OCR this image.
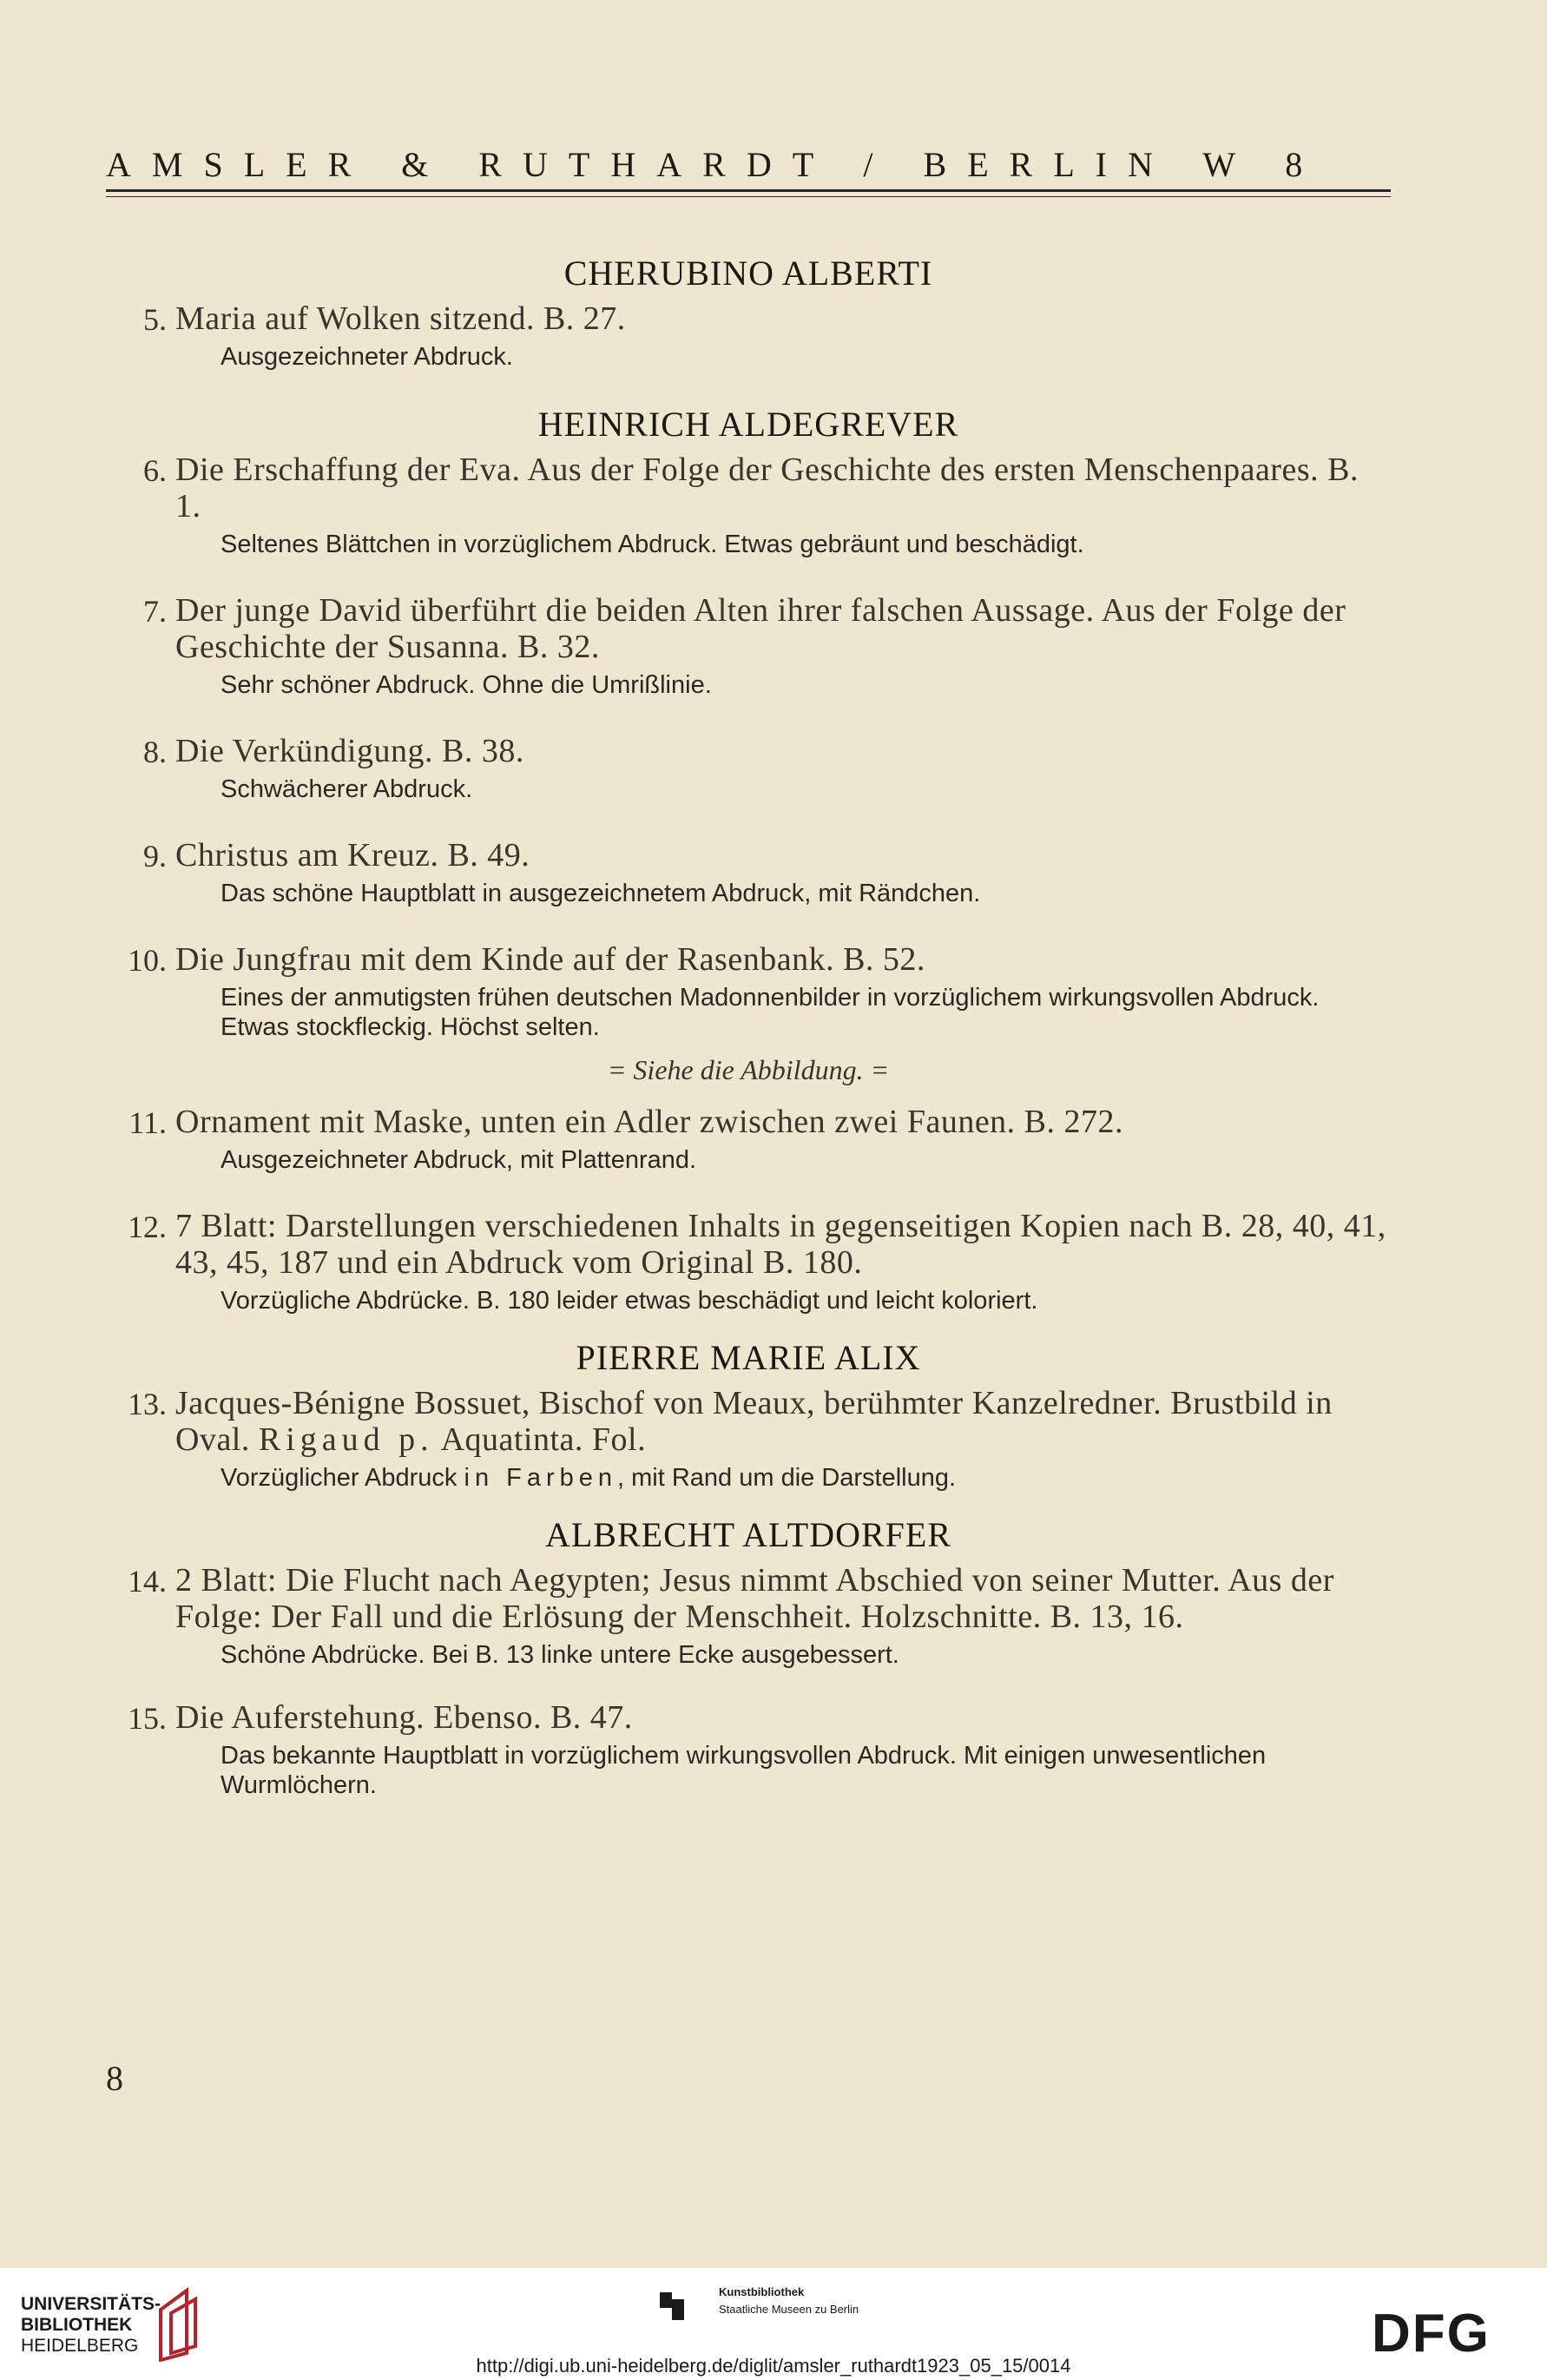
AMSLER & RUTHARDT / BERLIN W 8
CHERUBINO ALBERTI
5. Maria auf Wolken sitzend. B. 27.
Ausgezeichneter Abdruck.
HEINRICH ALDEGREVER
6. Die Erschaffung der Eva. Aus der Folge der Geschichte des ersten Menschenpaares. B. 1.
Seltenes Blättchen in vorzüglichem Abdruck. Etwas gebräunt und beschädigt.
7. Der junge David überführt die beiden Alten ihrer falschen Aussage. Aus der Folge der Geschichte der Susanna. B. 32.
Sehr schöner Abdruck. Ohne die Umrißlinie.
8. Die Verkündigung. B. 38.
Schwächerer Abdruck.
9. Christus am Kreuz. B. 49.
Das schöne Hauptblatt in ausgezeichnetem Abdruck, mit Rändchen.
10. Die Jungfrau mit dem Kinde auf der Rasenbank. B. 52.
Eines der anmutigsten frühen deutschen Madonnenbilder in vorzüglichem wirkungsvollen Abdruck. Etwas stockfleckig. Höchst selten.
= Siehe die Abbildung. =
11. Ornament mit Maske, unten ein Adler zwischen zwei Faunen. B. 272.
Ausgezeichneter Abdruck, mit Plattenrand.
12. 7 Blatt: Darstellungen verschiedenen Inhalts in gegenseitigen Kopien nach B. 28, 40, 41, 43, 45, 187 und ein Abdruck vom Original B. 180.
Vorzügliche Abdrücke. B. 180 leider etwas beschädigt und leicht koloriert.
PIERRE MARIE ALIX
13. Jacques-Bénigne Bossuet, Bischof von Meaux, berühmter Kanzelredner. Brustbild in Oval. Rigaud p. Aquatinta. Fol.
Vorzüglicher Abdruck in Farben, mit Rand um die Darstellung.
ALBRECHT ALTDORFER
14. 2 Blatt: Die Flucht nach Aegypten; Jesus nimmt Abschied von seiner Mutter. Aus der Folge: Der Fall und die Erlösung der Menschheit. Holzschnitte. B. 13, 16.
Schöne Abdrücke. Bei B. 13 linke untere Ecke ausgebessert.
15. Die Auferstehung. Ebenso. B. 47.
Das bekannte Hauptblatt in vorzüglichem wirkungsvollen Abdruck. Mit einigen unwesentlichen Wurmlöchern.
8
UNIVERSITÄTS-
BIBLIOTHEK
HEIDELBERG
Kunstbibliothek
Staatliche Museen zu Berlin	DFG
http://digi.ub.uni-heidelberg.de/diglit/amsler_ruthardt1923_05_15/0014
